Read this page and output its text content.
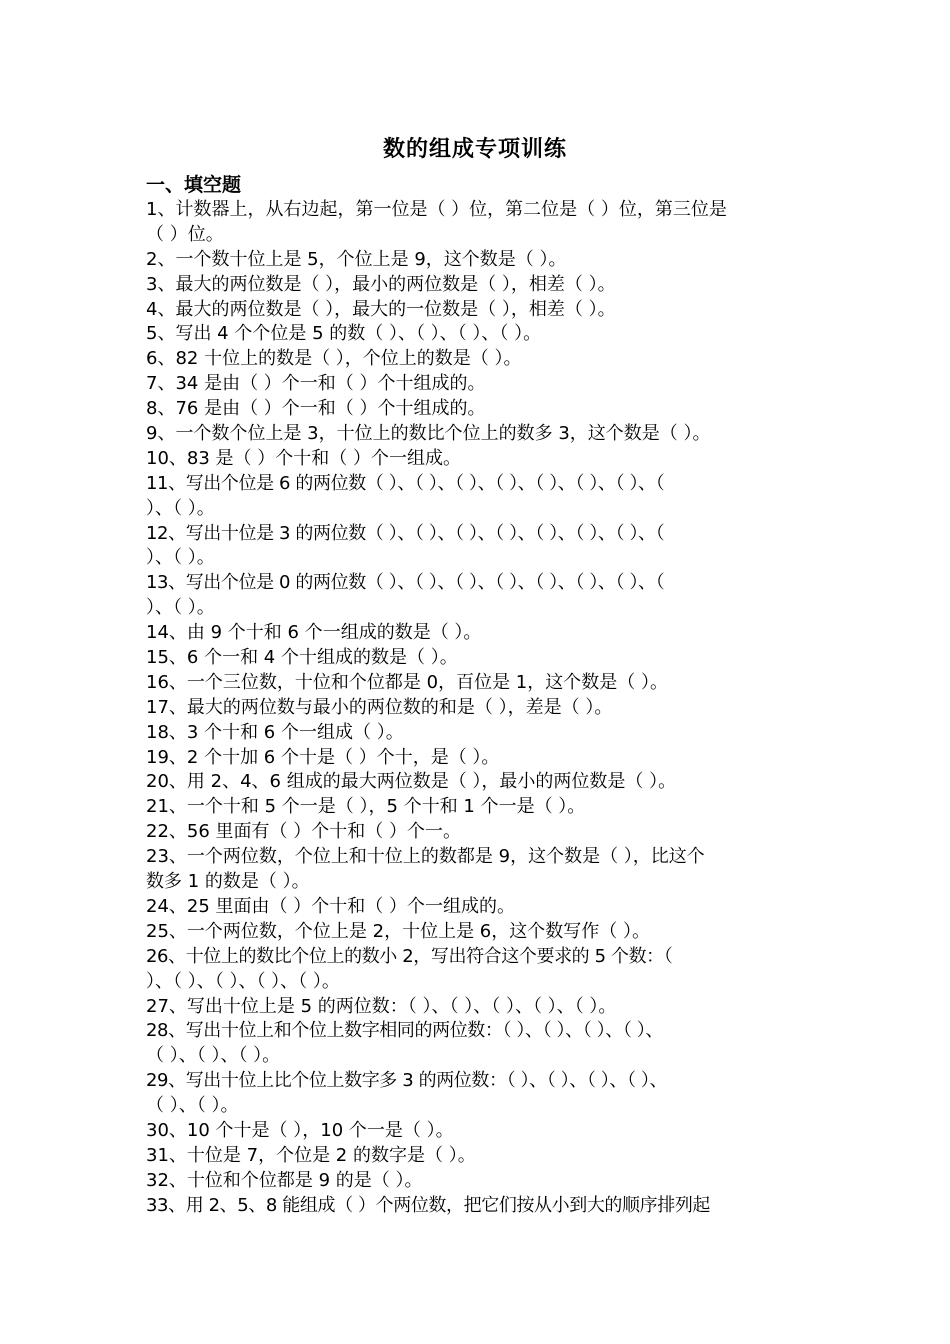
数的组成专项训练
一、填空题
1、计数器上，从右边起，第一位是（ ）位，第二位是（ ）位，第三位是
（ ）位。
2、一个数十位上是 5，个位上是 9，这个数是（ ）。
3、最大的两位数是（ ），最小的两位数是（ ），相差（ ）。
4、最大的两位数是（ ），最大的一位数是（ ），相差（ ）。
5、写出 4 个个位是 5 的数（ ）、（ ）、（ ）、（ ）。
6、82 十位上的数是（ ），个位上的数是（ ）。
7、34 是由（ ）个一和（ ）个十组成的。
8、76 是由（ ）个一和（ ）个十组成的。
9、一个数个位上是 3，十位上的数比个位上的数多 3，这个数是（ ）。
10、83 是（ ）个十和（ ）个一组成。
11、写出个位是 6 的两位数（ ）、（ ）、（ ）、（ ）、（ ）、（ ）、（ ）、（
）、（ ）。
12、写出十位是 3 的两位数（ ）、（ ）、（ ）、（ ）、（ ）、（ ）、（ ）、（
）、（ ）。
13、写出个位是 0 的两位数（ ）、（ ）、（ ）、（ ）、（ ）、（ ）、（ ）、（
）、（ ）。
14、由 9 个十和 6 个一组成的数是（ ）。
15、6 个一和 4 个十组成的数是（ ）。
16、一个三位数，十位和个位都是 0，百位是 1，这个数是（ ）。
17、最大的两位数与最小的两位数的和是（ ），差是（ ）。
18、3 个十和 6 个一组成（ ）。
19、2 个十加 6 个十是（ ）个十，是（ ）。
20、用 2、4、6 组成的最大两位数是（ ），最小的两位数是（ ）。
21、一个十和 5 个一是（ ），5 个十和 1 个一是（ ）。
22、56 里面有（ ）个十和（ ）个一。
23、一个两位数，个位上和十位上的数都是 9，这个数是（ ），比这个
数多 1 的数是（ ）。
24、25 里面由（ ）个十和（ ）个一组成的。
25、一个两位数，个位上是 2，十位上是 6，这个数写作（ ）。
26、十位上的数比个位上的数小 2，写出符合这个要求的 5 个数：（
）、（ ）、（ ）、（ ）、（ ）。
27、写出十位上是 5 的两位数：（ ）、（ ）、（ ）、（ ）、（ ）。
28、写出十位上和个位上数字相同的两位数：（ ）、（ ）、（ ）、（ ）、
（ ）、（ ）、（ ）。
29、写出十位上比个位上数字多 3 的两位数：（ ）、（ ）、（ ）、（ ）、
（ ）、（ ）。
30、10 个十是（ ），10 个一是（ ）。
31、十位是 7，个位是 2 的数字是（ ）。
32、十位和个位都是 9 的是（ ）。
33、用 2、5、8 能组成（ ）个两位数，把它们按从小到大的顺序排列起
